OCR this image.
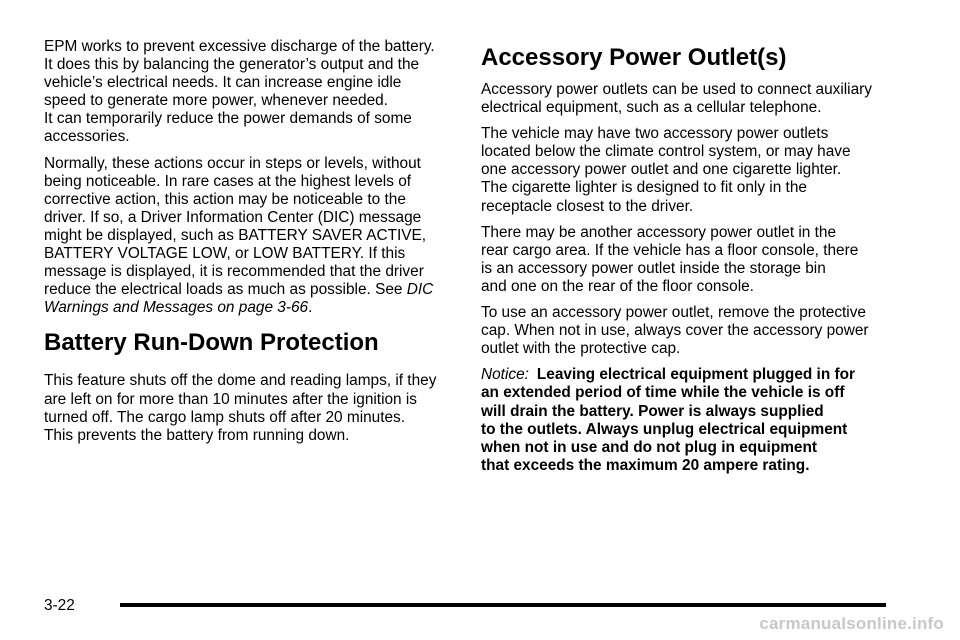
EPM works to prevent excessive discharge of the battery.
It does this by balancing the generator’s output and the
vehicle’s electrical needs. It can increase engine idle
speed to generate more power, whenever needed.
It can temporarily reduce the power demands of some
accessories.

Normally, these actions occur in steps or levels, without
being noticeable. In rare cases at the highest levels of
corrective action, this action may be noticeable to the
driver. If so, a Driver Information Center (DIC) message
might be displayed, such as BATTERY SAVER ACTIVE,
BATTERY VOLTAGE LOW, or LOW BATTERY. If this
message is displayed, it is recommended that the driver
reduce the electrical loads as much as possible. See DIC
Warnings and Messages on page 3-66.

Battery Run-Down Protection

This feature shuts off the dome and reading lamps, if they
are left on for more than 10 minutes after the ignition is
turned off. The cargo lamp shuts off after 20 minutes.
This prevents the battery from running down.

Accessory Power Outlet(s)

Accessory power outlets can be used to connect auxiliary
electrical equipment, such as a cellular telephone.

The vehicle may have two accessory power outlets
located below the climate control system, or may have
one accessory power outlet and one cigarette lighter.
The cigarette lighter is designed to fit only in the
receptacle closest to the driver.

There may be another accessory power outlet in the
rear cargo area. If the vehicle has a floor console, there
is an accessory power outlet inside the storage bin
and one on the rear of the floor console.

To use an accessory power outlet, remove the protective
cap. When not in use, always cover the accessory power
outlet with the protective cap.

Notice: Leaving electrical equipment plugged in for
an extended period of time while the vehicle is off
will drain the battery. Power is always supplied
to the outlets. Always unplug electrical equipment
when not in use and do not plug in equipment
that exceeds the maximum 20 ampere rating.

3-22
carmanualsonline.info
